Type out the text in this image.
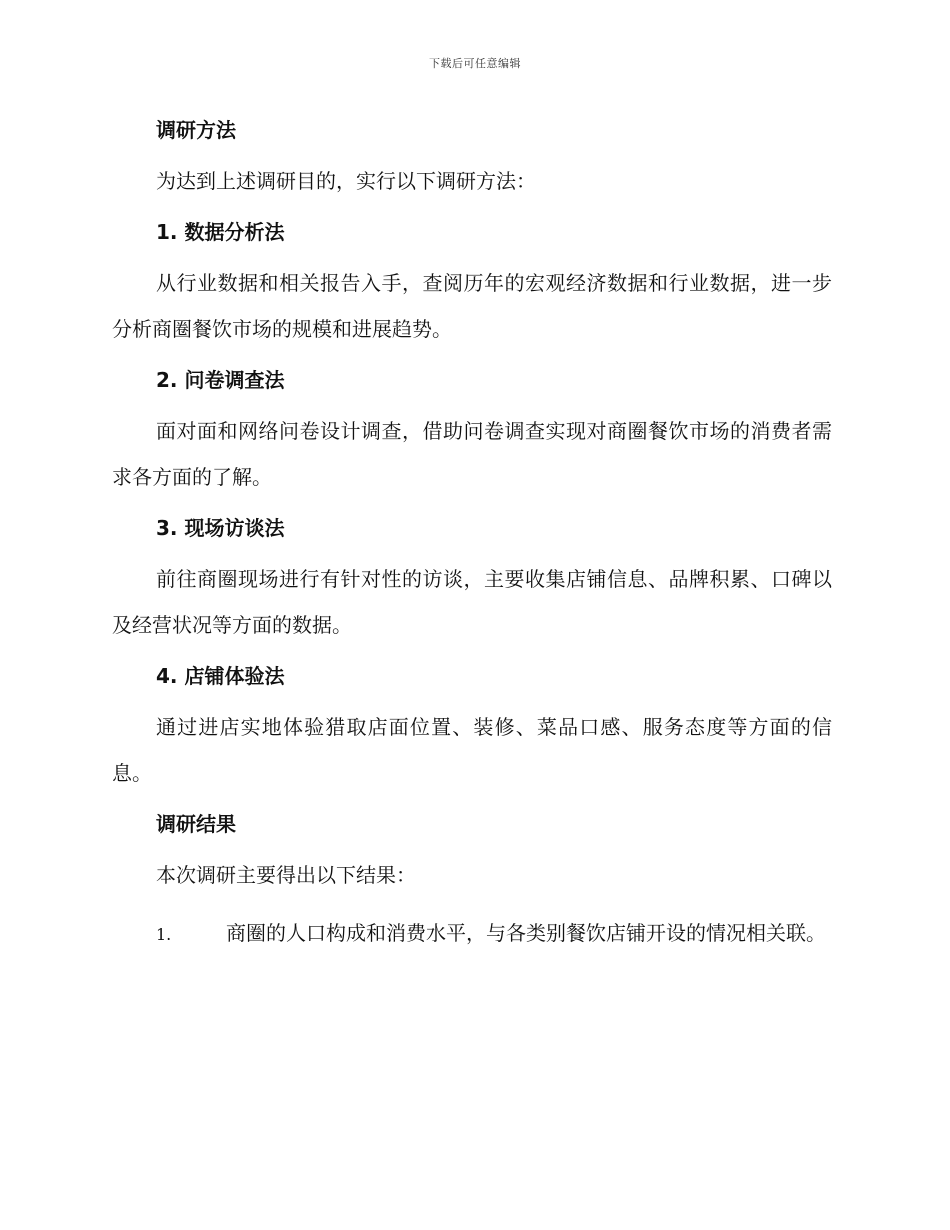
下载后可任意编辑

调研方法

为达到上述调研目的，实行以下调研方法：

1. 数据分析法

从行业数据和相关报告入手，查阅历年的宏观经济数据和行业数据，进一步分析商圈餐饮市场的规模和进展趋势。

2. 问卷调查法

面对面和网络问卷设计调查，借助问卷调查实现对商圈餐饮市场的消费者需求各方面的了解。

3. 现场访谈法

前往商圈现场进行有针对性的访谈，主要收集店铺信息、品牌积累、口碑以及经营状况等方面的数据。

4. 店铺体验法

通过进店实地体验猎取店面位置、装修、菜品口感、服务态度等方面的信息。

调研结果

本次调研主要得出以下结果：

1.	商圈的人口构成和消费水平，与各类别餐饮店铺开设的情况相关联。
